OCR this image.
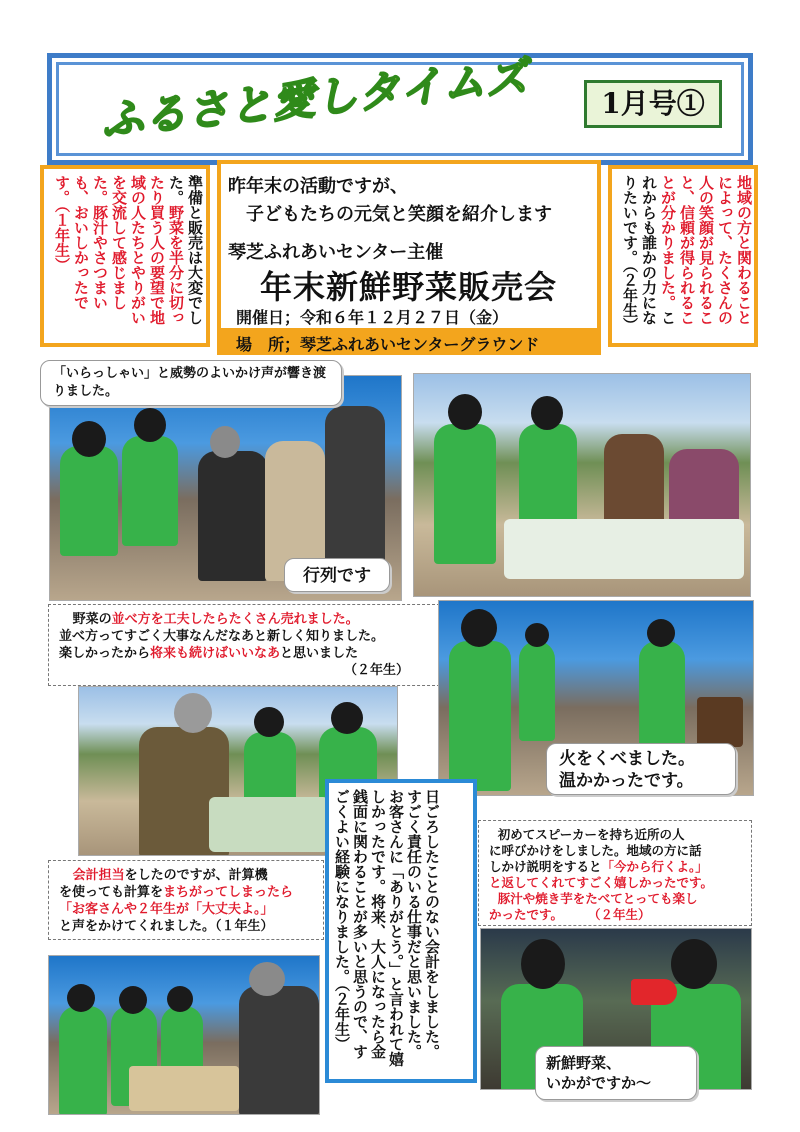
ふるさと愛しタイムズ	1月号①
準備と販売は大変でした。野菜を半分に切ったり買う人の要望で地域の人たちとやりがいを交流して感じました。豚汁やさつまいも、おいしかったです。（１年生）	地域の方と関わることによって、たくさんの人の笑顔が見られること、信頼が得られることが分かりました。これからも誰かの力になりたいです。（２年生）
昨年末の活動ですが、
子どもたちの元気と笑顔を紹介します
琴芝ふれあいセンター主催
年末新鮮野菜販売会
開催日；令和６年１２月２７日（金）
場　所；琴芝ふれあいセンターグラウンド
「いらっしゃい」と威勢のよいかけ声が響き渡りました。
行列です
野菜の並べ方を工夫したらたくさん売れました。
並べ方ってすごく大事なんだなあと新しく知りました。
楽しかったから将来も続けばいいなあと思いました
（２年生）
火をくべました。
温かかったです。
会計担当をしたのですが、計算機
を使っても計算をまちがってしまったら
「お客さんや２年生が「大丈夫よ。」
と声をかけてくれました。（１年生）	日ごろしたことのない会計をしました。すごく責任のいる仕事だと思いました。お客さんに「ありがとう。」と言われて嬉しかったです。将来、大人になったら金銭面に関わることが多いと思うので、すごくよい経験になりました。（２年生）	初めてスピーカーを持ち近所の人
に呼びかけをしました。地域の方に話
しかけ説明をすると「今から行くよ。」
と返してくれてすごく嬉しかったです。
豚汁や焼き芋をたべてとっても楽し
かったです。　　　（２年生）
新鮮野菜、
いかがですか～
